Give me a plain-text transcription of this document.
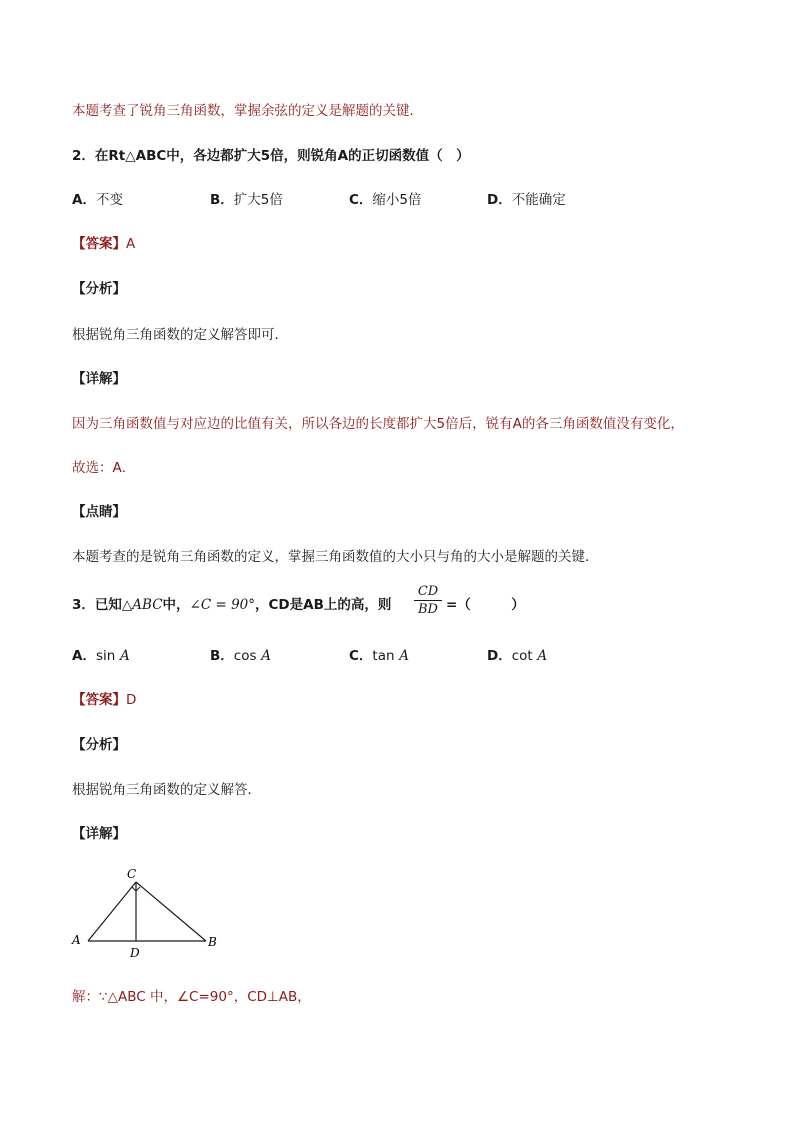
本题考查了锐角三角函数，掌握余弦的定义是解题的关键．
2．在Rt△ABC中，各边都扩大5倍，则锐角A的正切函数值（　）
A．不变	B．扩大5倍	C．缩小5倍	D．不能确定
【答案】A
【分析】
根据锐角三角函数的定义解答即可．
【详解】
因为三角函数值与对应边的比值有关，所以各边的长度都扩大5倍后，锐有A的各三角函数值没有变化，
故选：A．
【点睛】
本题考查的是锐角三角函数的定义，掌握三角函数值的大小只与角的大小是解题的关键．
3．已知△ABC中，∠C = 90°，CD是AB上的高，则 $\frac{CD}{BD}$ =（　　　）
A．sin A	B．cos A	C．tan A	D．cot A
【答案】D
【分析】
根据锐角三角函数的定义解答．
【详解】
C
A	B
D
解：∵△ABC 中，∠C=90°，CD⊥AB，
